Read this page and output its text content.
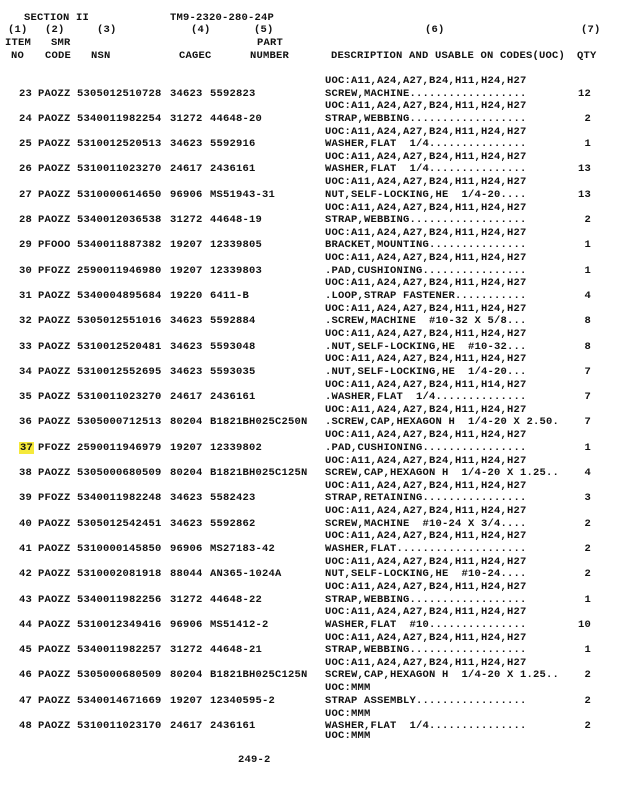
SECTION II	TM9-2320-280-24P
(1) (2)	(3)	(4)	(5)	(6)	(7)
ITEM SMR	PART
NO CODE NSN	CAGEC	NUMBER	DESCRIPTION AND USABLE ON CODES(UOC) QTY
UOC:A11,A24,A27,B24,H11,H24,H27
23 PAOZZ 5305012510728 34623 5592823	SCREW,MACHINE..................	12
UOC:A11,A24,A27,B24,H11,H24,H27
24 PAOZZ 5340011982254 31272 44648-20	STRAP,WEBBING..................	2
UOC:A11,A24,A27,B24,H11,H24,H27
25 PAOZZ 5310012520513 34623 5592916	WASHER,FLAT  1/4...............	1
UOC:A11,A24,A27,B24,H11,H24,H27
26 PAOZZ 5310011023270 24617 2436161	WASHER,FLAT  1/4...............	13
UOC:A11,A24,A27,B24,H11,H24,H27
27 PAOZZ 5310000614650 96906 MS51943-31	NUT,SELF-LOCKING,HE  1/4-20....	13
UOC:A11,A24,A27,B24,H11,H24,H27
28 PAOZZ 5340012036538 31272 44648-19	STRAP,WEBBING..................	2
UOC:A11,A24,A27,B24,H11,H24,H27
29 PFOOO 5340011887382 19207 12339805	BRACKET,MOUNTING...............	1
UOC:A11,A24,A27,B24,H11,H24,H27
30 PFOZZ 2590011946980 19207 12339803	.PAD,CUSHIONING................	1
UOC:A11,A24,A27,B24,H11,H24,H27
31 PAOZZ 5340004895684 19220 6411-B	.LOOP,STRAP FASTENER...........	4
UOC:A11,A24,A27,B24,H11,H24,H27
32 PAOZZ 5305012551016 34623 5592884	.SCREW,MACHINE  #10-32 X 5/8...	8
UOC:A11,A24,A27,B24,H11,H24,H27
33 PAOZZ 5310012520481 34623 5593048	.NUT,SELF-LOCKING,HE  #10-32...	8
UOC:A11,A24,A27,B24,H11,H24,H27
34 PAOZZ 5310012552695 34623 5593035	.NUT,SELF-LOCKING,HE  1/4-20...	7
UOC:A11,A24,A27,B24,H11,H14,H27
35 PAOZZ 5310011023270 24617 2436161	.WASHER,FLAT  1/4..............	7
UOC:A11,A24,A27,B24,H11,H24,H27
36 PAOZZ 5305000712513 80204 B1821BH025C250N .SCREW,CAP,HEXAGON H  1/4-20 X 2.50. 7
UOC:A11,A24,A27,B24,H11,H24,H27
37 PFOZZ 2590011946979 19207 12339802	.PAD,CUSHIONING................	1
UOC:A11,A24,A27,B24,H11,H24,H27
38 PAOZZ 5305000680509 80204 B1821BH025C125N SCREW,CAP,HEXAGON H  1/4-20 X 1.25.. 4
UOC:A11,A24,A27,B24,H11,H24,H27
39 PFOZZ 5340011982248 34623 5582423	STRAP,RETAINING................	3
UOC:A11,A24,A27,B24,H11,H24,H27
40 PAOZZ 5305012542451 34623 5592862	SCREW,MACHINE  #10-24 X 3/4....	2
UOC:A11,A24,A27,B24,H11,H24,H27
41 PAOZZ 5310000145850 96906 MS27183-42	WASHER,FLAT....................	2
UOC:A11,A24,A27,B24,H11,H24,H27
42 PAOZZ 5310002081918 88044 AN365-1024A	NUT,SELF-LOCKING,HE  #10-24....	2
UOC:A11,A24,A27,B24,H11,H24,H27
43 PAOZZ 5340011982256 31272 44648-22	STRAP,WEBBING..................	1
UOC:A11,A24,A27,B24,H11,H24,H27
44 PAOZZ 5310012349416 96906 MS51412-2	WASHER,FLAT  #10...............	10
UOC:A11,A24,A27,B24,H11,H24,H27
45 PAOZZ 5340011982257 31272 44648-21	STRAP,WEBBING..................	1
UOC:A11,A24,A27,B24,H11,H24,H27
46 PAOZZ 5305000680509 80204 B1821BH025C125N SCREW,CAP,HEXAGON H  1/4-20 X 1.25.. 2
UOC:MMM
47 PAOZZ 5340014671669 19207 12340595-2	STRAP ASSEMBLY.................	2
UOC:MMM
48 PAOZZ 5310011023170 24617 2436161	WASHER,FLAT  1/4...............	2
UOC:MMM
249-2
